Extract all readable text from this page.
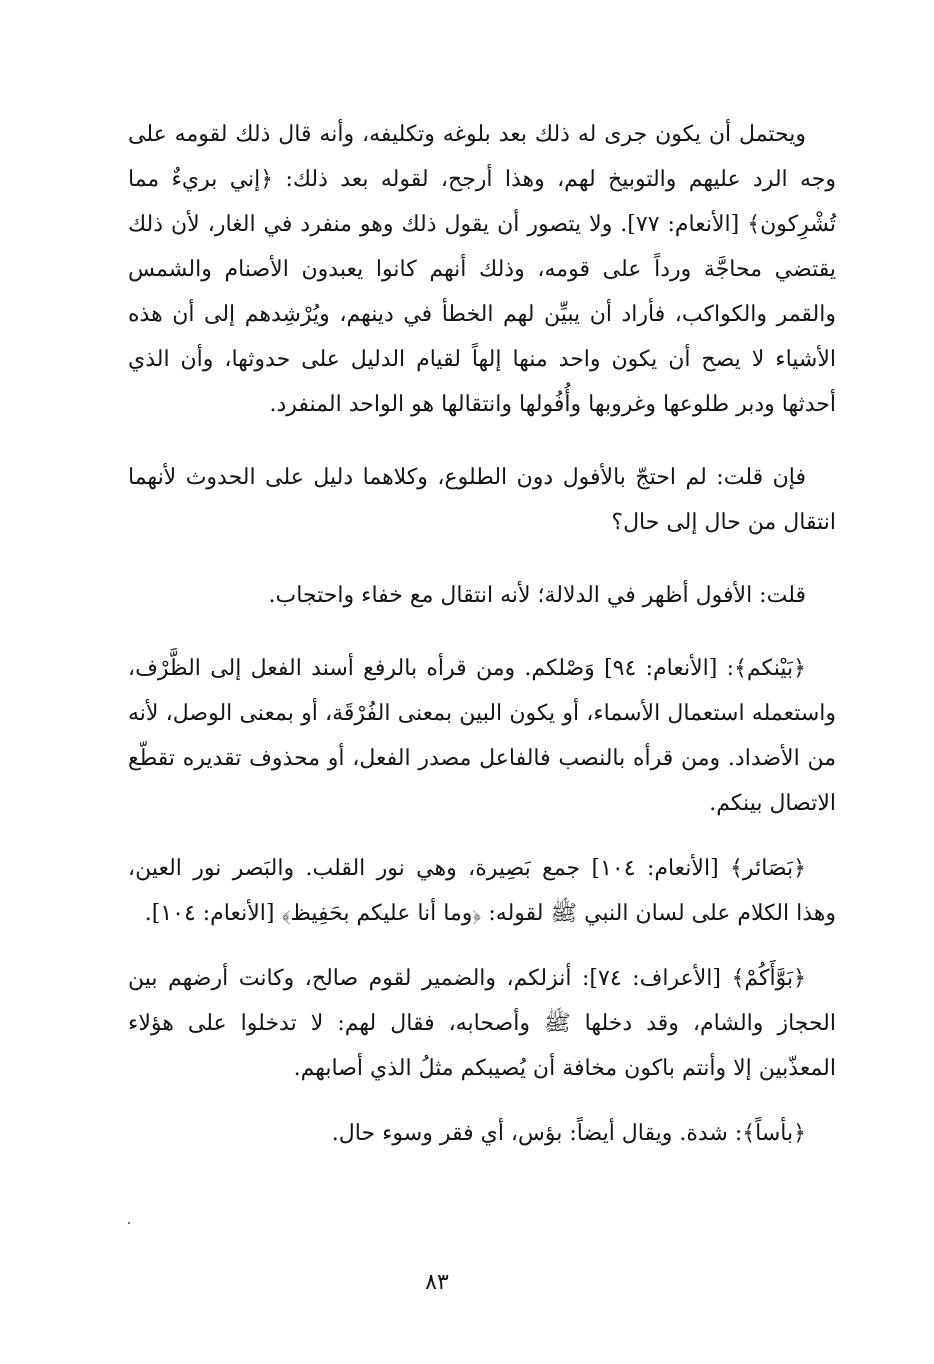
ويحتمل أن يكون جرى له ذلك بعد بلوغه وتكليفه، وأنه قال ذلك لقومه على وجه الرد عليهم والتوبيخ لهم، وهذا أرجح، لقوله بعد ذلك: ﴿إني بريءٌ مما تُشْرِكون﴾ [الأنعام: ٧٧]. ولا يتصور أن يقول ذلك وهو منفرد في الغار، لأن ذلك يقتضي محاجَّة ورداً على قومه، وذلك أنهم كانوا يعبدون الأصنام والشمس والقمر والكواكب، فأراد أن يبيِّن لهم الخطأ في دينهم، ويُرْشِدهم إلى أن هذه الأشياء لا يصح أن يكون واحد منها إلهاً لقيام الدليل على حدوثها، وأن الذي أحدثها ودبر طلوعها وغروبها وأُفُولها وانتقالها هو الواحد المنفرد.

فإن قلت: لم احتجّ بالأفول دون الطلوع، وكلاهما دليل على الحدوث لأنهما انتقال من حال إلى حال؟

قلت: الأفول أظهر في الدلالة؛ لأنه انتقال مع خفاء واحتجاب.

﴿بَيْنكم﴾: [الأنعام: ٩٤] وَصْلكم. ومن قرأه بالرفع أسند الفعل إلى الظَّرْف، واستعمله استعمال الأسماء، أو يكون البين بمعنى الفُرْقَة، أو بمعنى الوصل، لأنه من الأضداد. ومن قرأه بالنصب فالفاعل مصدر الفعل، أو محذوف تقديره تقطّع الاتصال بينكم.

﴿بَصَائر﴾ [الأنعام: ١٠٤] جمع بَصِيرة، وهي نور القلب. والبَصر نور العين، وهذا الكلام على لسان النبي ﷺ لقوله: ﴿وما أنا عليكم بحَفِيظ﴾ [الأنعام: ١٠٤].

﴿بَوَّأَكُمْ﴾ [الأعراف: ٧٤]: أنزلكم، والضمير لقوم صالح، وكانت أرضهم بين الحجاز والشام، وقد دخلها ﷺ وأصحابه، فقال لهم: لا تدخلوا على هؤلاء المعذّبين إلا وأنتم باكون مخافة أن يُصيبكم مثلُ الذي أصابهم.

﴿بأساً﴾: شدة. ويقال أيضاً: بؤس، أي فقر وسوء حال.

٨٣
